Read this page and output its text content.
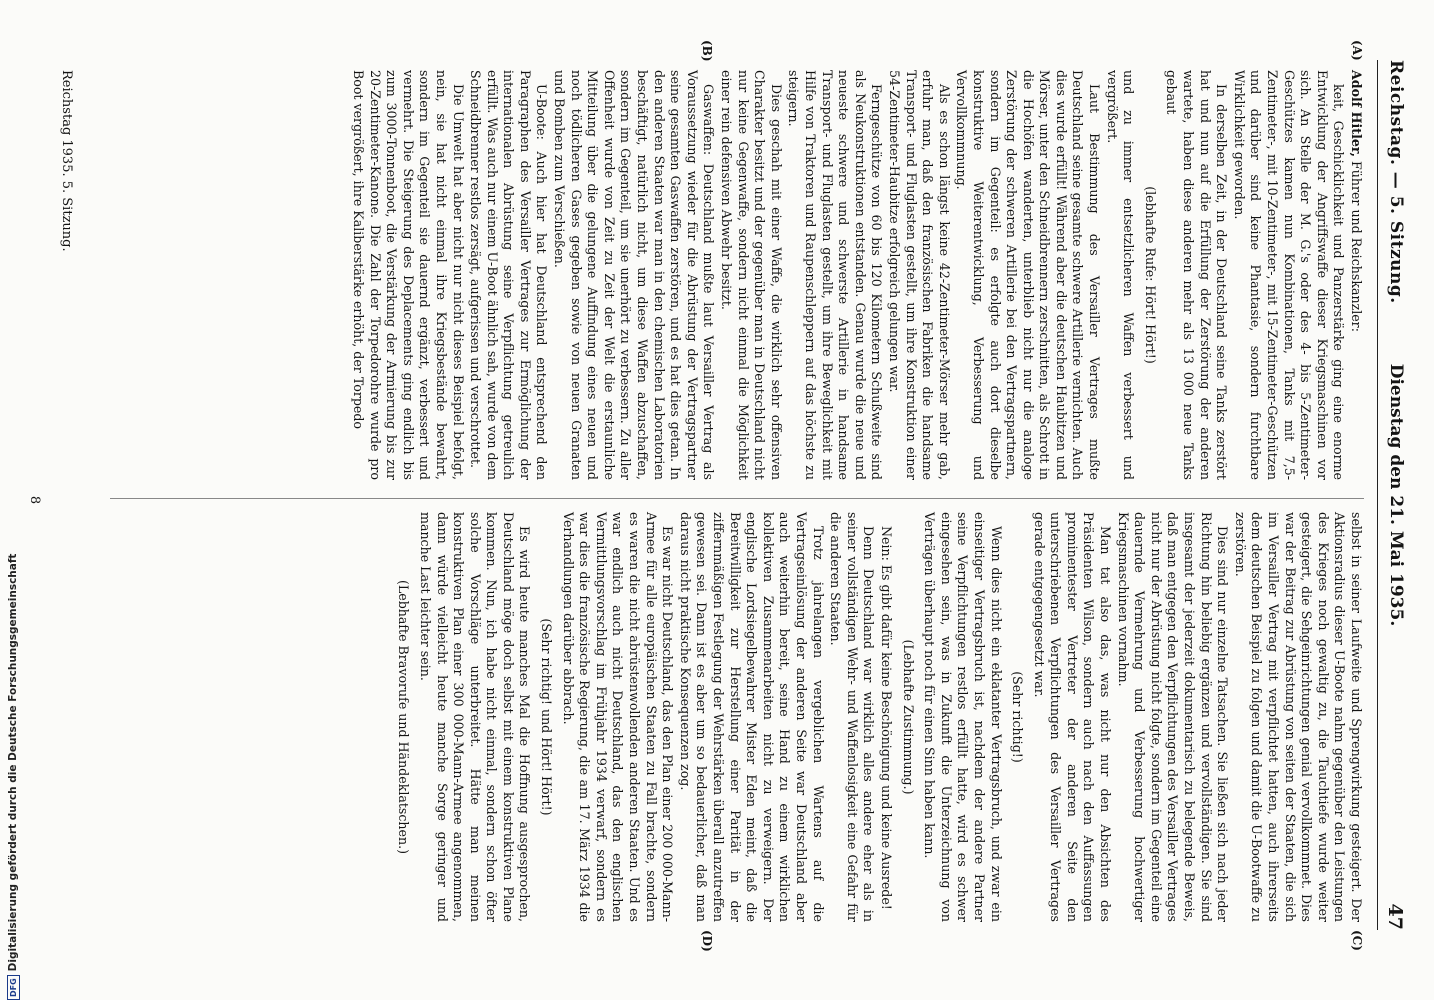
Reichstag. — 5. Sitzung.
Dienstag den 21. Mai 1935.
47
(A)
(B)
(C)
(D)

Adolf Hitler, Führer und Reichskanzler:

keit, Geschicklichkeit und Panzerstärke ging eine enorme Entwicklung der Angriffswaffe dieser Kriegsmaschinen vor sich. An Stelle der M. G.'s oder des 4- bis 5-Zentimeter-Geschützes kamen nun Kombinationen, Tanks mit 7,5-Zentimeter-, mit 10-Zentimeter-, mit 15-Zentimeter-Geschützen und darüber sind keine Phantasie, sondern furchtbare Wirklichkeit geworden.

In derselben Zeit, in der Deutschland seine Tanks zerstört hat und nun auf die Erfüllung der Zerstörung der anderen wartete, haben diese anderen mehr als 13 000 neue Tanks gebaut

(lebhafte Rufe: Hört! Hört!)

und zu immer entsetzlicheren Waffen verbessert und vergrößert.

Laut Bestimmung des Versailler Vertrages mußte Deutschland seine gesamte schwere Artillerie vernichten. Auch dies wurde erfüllt! Während aber die deutschen Haubitzen und Mörser, unter den Schneidbrennern zerschnitten, als Schrott in die Hochöfen wanderten, unterblieb nicht nur die analoge Zerstörung der schweren Artillerie bei den Vertragspartnern, sondern im Gegenteil: es erfolgte auch dort dieselbe konstruktive Weiterentwicklung, Verbesserung und Vervollkommnung.

Als es schon längst keine 42-Zentimeter-Mörser mehr gab, erfuhr man, daß den französischen Fabriken die handsame Transport- und Fluglasten gestellt, um ihre Konstruktion einer 54-Zentimeter-Haubitze erfolgreich gelungen war.

Ferngeschütze von 60 bis 120 Kilometern Schußweite sind als Neukonstruktionen entstanden. Genau wurde die neue und neueste schwere und schwerste Artillerie in handsame Transport- und Fluglasten gestellt, um ihre Beweglichkeit mit Hilfe von Traktoren und Raupenschleppern auf das höchste zu steigern.

Dies geschah mit einer Waffe, die wirklich sehr offensiven Charakter besitzt und der gegenüber man in Deutschland nicht nur keine Gegenwaffe, sondern nicht einmal die Möglichkeit einer rein defensiven Abwehr besitzt.

Gaswaffen: Deutschland mußte laut Versailler Vertrag als Voraussetzung wieder für die Abrüstung der Vertragspartner seine gesamten Gaswaffen zerstören, und es hat dies getan. In den anderen Staaten war man in den chemischen Laboratorien beschäftigt, natürlich nicht, um diese Waffen abzuschaffen, sondern im Gegenteil, um sie unerhört zu verbessern. Zu aller Offenheit wurde von Zeit zu Zeit der Welt die erstaunliche Mitteilung über die gelungene Auffindung eines neuen und noch tödlicheren Gases gegeben sowie von neuen Granaten und Bomben zum Verschießen.

U-Boote: Auch hier hat Deutschland entsprechend den Paragraphen des Versailler Vertrages zur Ermöglichung der internationalen Abrüstung seine Verpflichtung getreulich erfüllt. Was auch nur einem U-Boot ähnlich sah, wurde von dem Schneidbrenner restlos zersägt, aufgerissen und verschrottet.

Die Umwelt hat aber nicht nur nicht dieses Beispiel befolgt, nein, sie hat nicht einmal ihre Kriegsbestände bewahrt, sondern im Gegenteil sie dauernd ergänzt, verbessert und vermehrt. Die Steigerung des Deplacements ging endlich bis zum 3000-Tonnenboot, die Verstärkung der Armierung bis zur 20-Zentimeter-Kanone. Die Zahl der Torpedorohre wurde pro Boot vergrößert, ihre Kaliberstärke erhöht, der Torpedo

selbst in seiner Laufweite und Sprengwirkung gesteigert. Der Aktionsradius dieser U-Boote nahm gegenüber den Leistungen des Krieges noch gewaltig zu, die Tauchtiefe wurde weiter gesteigert, die Sehgeinrichtungen genial vervollkommnet. Dies war der Beitrag zur Abrüstung von seiten der Staaten, die sich im Versailler Vertrag mit verpflichtet hatten, auch ihrerseits dem deutschen Beispiel zu folgen und damit die U-Bootwaffe zu zerstören.

Dies sind nur einzelne Tatsachen. Sie ließen sich nach jeder Richtung hin beliebig ergänzen und vervollständigen. Sie sind insgesamt der jederzeit dokumentarisch zu belegende Beweis, daß man entgegen den Verpflichtungen des Versailler Vertrages nicht nur der Abrüstung nicht folgte, sondern im Gegenteil eine dauernde Vermehrung und Verbesserung hochwertiger Kriegsmaschinen vornahm.

Man tat also das, was nicht nur den Absichten des Präsidenten Wilson, sondern auch nach den Auffassungen prominentester Vertreter der anderen Seite den unterschriebenen Verpflichtungen des Versailler Vertrages gerade entgegengesetzt war.

(Sehr richtig!)

Wenn dies nicht ein eklatanter Vertragsbruch, und zwar ein einseitiger Vertragsbruch ist, nachdem der andere Partner seine Verpflichtungen restlos erfüllt hatte, wird es schwer eingesehen sein, was in Zukunft die Unterzeichnung von Verträgen überhaupt noch für einen Sinn haben kann.

(Lebhafte Zustimmung.)

Nein: Es gibt dafür keine Beschönigung und keine Ausrede!

Denn Deutschland war wirklich alles andere eher als in seiner vollständigen Wehr- und Waffenlosigkeit eine Gefahr für die anderen Staaten.

Trotz jahrelangen vergeblichen Wartens auf die Vertragseinlösung der anderen Seite war Deutschland aber auch weiterhin bereit, seine Hand zu einem wirklichen kollektiven Zusammenarbeiten nicht zu verweigern. Der englische Lordsiegelbewahrer Mister Eden meint, daß die Bereitwilligkeit zur Herstellung einer Parität in der ziffernmäßigen Festlegung der Wehrstärken überall anzutreffen gewesen sei. Dann ist es aber um so bedauerlicher, daß man daraus nicht praktische Konsequenzen zog.

Es war nicht Deutschland, das den Plan einer 200 000-Mann-Armee für alle europäischen Staaten zu Fall brachte, sondern es waren die nicht abrüstenwollenden anderen Staaten. Und es war endlich auch nicht Deutschland, das den englischen Vermittlungsvorschlag im Frühjahr 1934 verwarf, sondern es war dies die französische Regierung, die am 17. März 1934 die Verhandlungen darüber abbrach.

(Sehr richtig! und Hört! Hört!)

Es wird heute manches Mal die Hoffnung ausgesprochen, Deutschland möge doch selbst mit einem konstruktiven Plane kommen. Nun, ich habe nicht einmal, sondern schon öfter solche Vorschläge unterbreitet. Hätte man meinen konstruktiven Plan einer 300 000-Mann-Armee angenommen, dann würde vielleicht heute manche Sorge geringer und manche Last leichter sein.

(Lebhafte Bravorufe und Händeklatschen.)

Reichstag 1935. 5. Sitzung.
8
DFG
Digitalisierung gefördert durch die Deutsche Forschungsgemeinschaft
